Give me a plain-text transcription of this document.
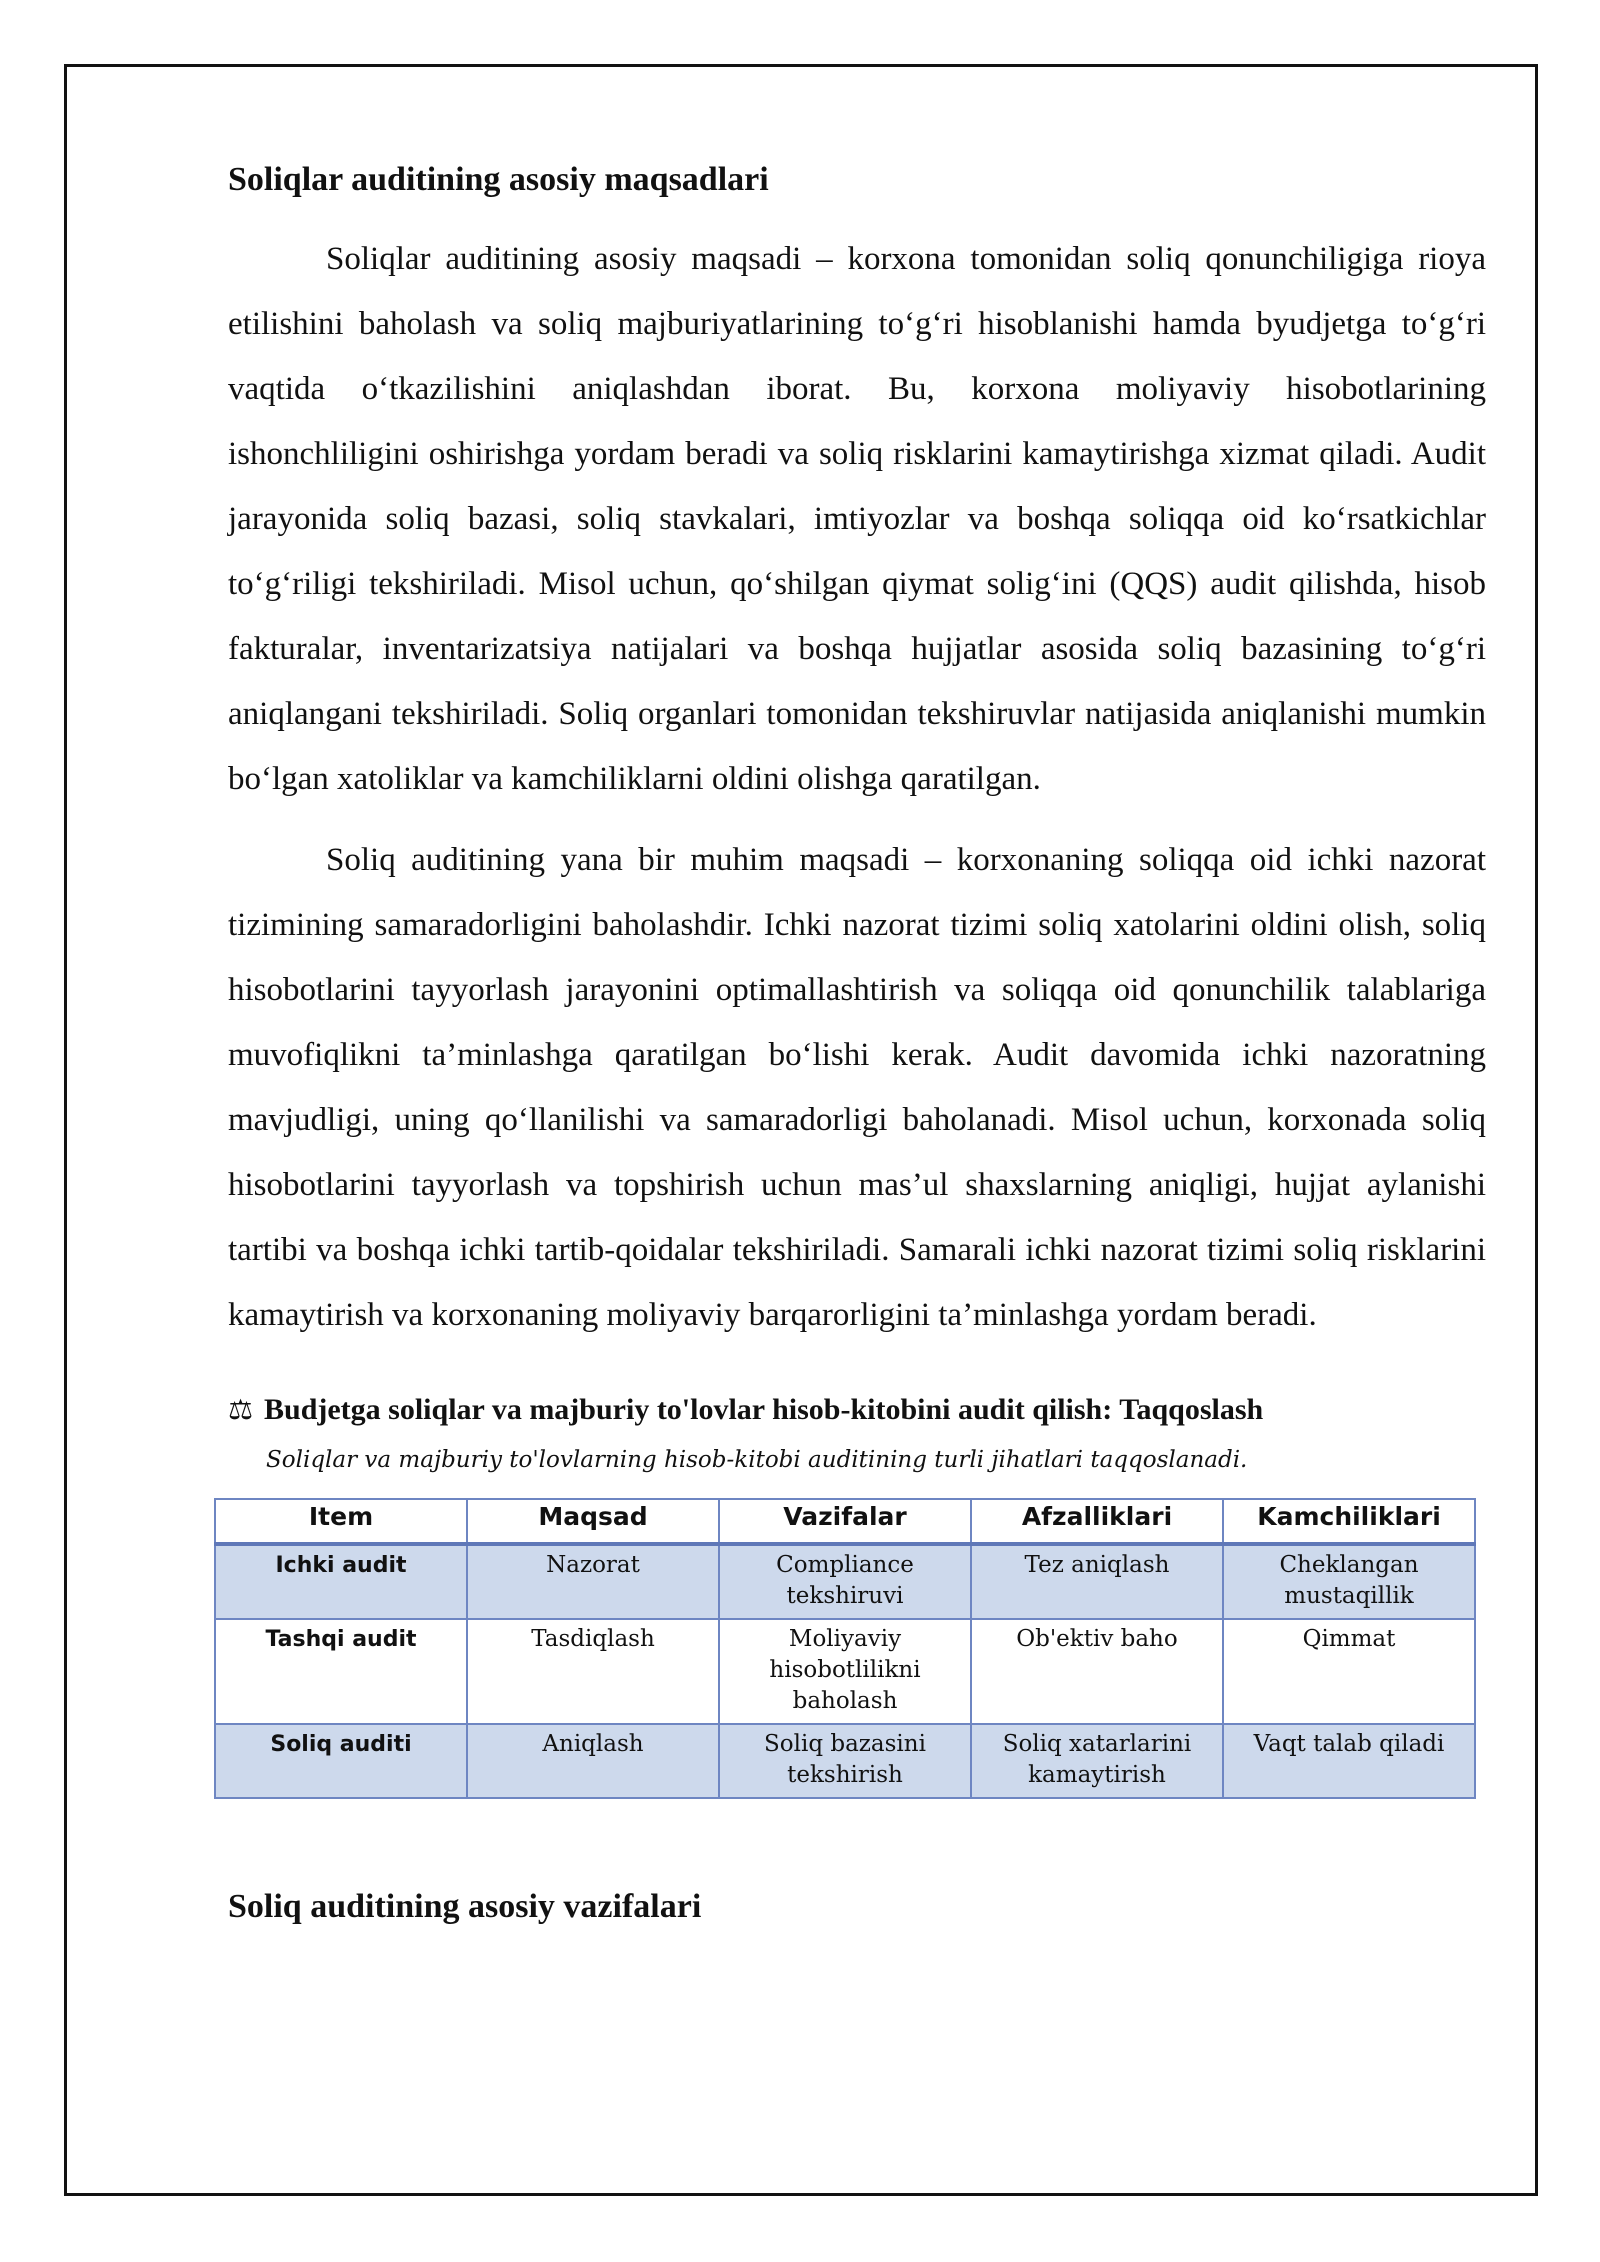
Soliqlar auditining asosiy maqsadlari

Soliqlar auditining asosiy maqsadi – korxona tomonidan soliq qonunchiligiga rioya etilishini baholash va soliq majburiyatlarining to‘g‘ri hisoblanishi hamda byudjetga to‘g‘ri vaqtida o‘tkazilishini aniqlashdan iborat. Bu, korxona moliyaviy hisobotlarining ishonchliligini oshirishga yordam beradi va soliq risklarini kamaytirishga xizmat qiladi. Audit jarayonida soliq bazasi, soliq stavkalari, imtiyozlar va boshqa soliqqa oid ko‘rsatkichlar to‘g‘riligi tekshiriladi. Misol uchun, qo‘shilgan qiymat solig‘ini (QQS) audit qilishda, hisob fakturalar, inventarizatsiya natijalari va boshqa hujjatlar asosida soliq bazasining to‘g‘ri aniqlangani tekshiriladi. Soliq organlari tomonidan tekshiruvlar natijasida aniqlanishi mumkin bo‘lgan xatoliklar va kamchiliklarni oldini olishga qaratilgan.

Soliq auditining yana bir muhim maqsadi – korxonaning soliqqa oid ichki nazorat tizimining samaradorligini baholashdir. Ichki nazorat tizimi soliq xatolarini oldini olish, soliq hisobotlarini tayyorlash jarayonini optimallashtirish va soliqqa oid qonunchilik talablariga muvofiqlikni ta’minlashga qaratilgan bo‘lishi kerak. Audit davomida ichki nazoratning mavjudligi, uning qo‘llanilishi va samaradorligi baholanadi. Misol uchun, korxonada soliq hisobotlarini tayyorlash va topshirish uchun mas’ul shaxslarning aniqligi, hujjat aylanishi tartibi va boshqa ichki tartib-qoidalar tekshiriladi. Samarali ichki nazorat tizimi soliq risklarini kamaytirish va korxonaning moliyaviy barqarorligini ta’minlashga yordam beradi.

⚖ Budjetga soliqlar va majburiy to'lovlar hisob-kitobini audit qilish: Taqqoslash
Soliqlar va majburiy to'lovlarning hisob-kitobi auditining turli jihatlari taqqoslanadi.
Item	Maqsad	Vazifalar	Afzalliklari	Kamchiliklari
Ichki audit	Nazorat	Compliance tekshiruvi	Tez aniqlash	Cheklangan mustaqillik
Tashqi audit	Tasdiqlash	Moliyaviy hisobotlilikni baholash	Ob'ektiv baho	Qimmat
Soliq auditi	Aniqlash	Soliq bazasini tekshirish	Soliq xatarlarini kamaytirish	Vaqt talab qiladi
Soliq auditining asosiy vazifalari
